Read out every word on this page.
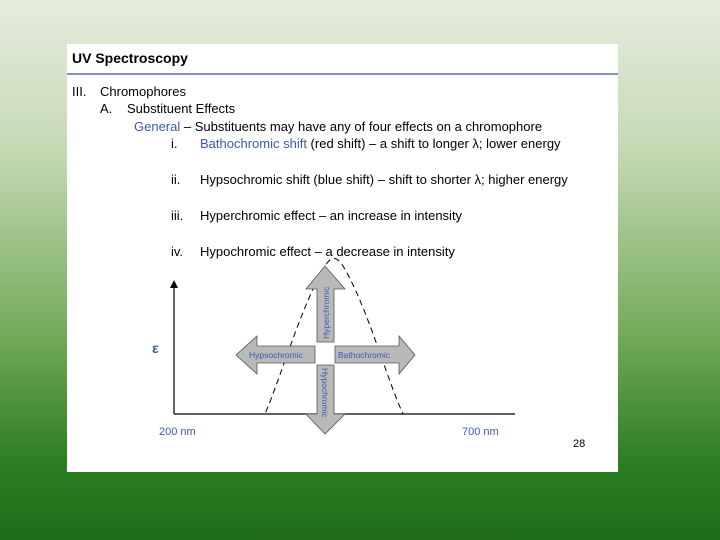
UV Spectroscopy
III. Chromophores
A. Substituent Effects
General – Substituents may have any of four effects on a chromophore
i. Bathochromic shift (red shift) – a shift to longer λ; lower energy
ii. Hypsochromic shift (blue shift) – shift to shorter λ; higher energy
iii. Hyperchromic effect – an increase in intensity
iv. Hypochromic effect – a decrease in intensity
Hyperchromic
Hypochromic
Hypsochromic	Bathochromic
ε
200 nm	700 nm
28
